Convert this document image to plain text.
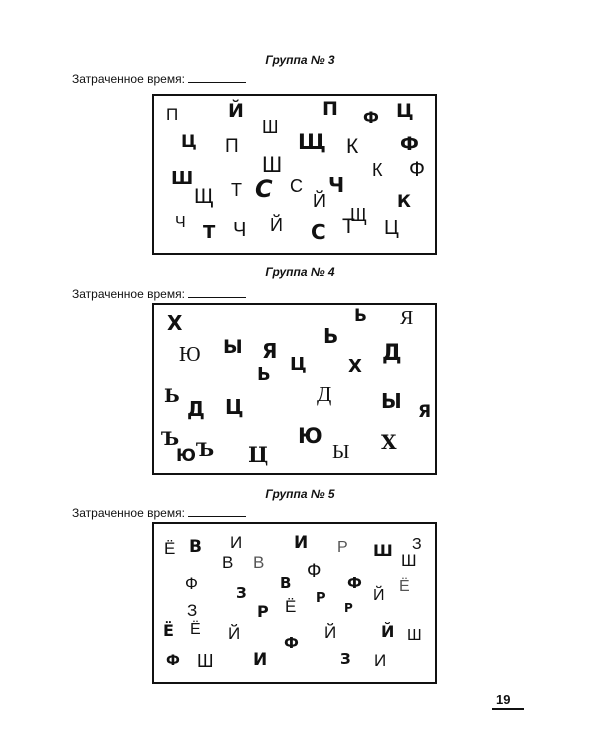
Группа № 3
Затраченное время:
П	Й	П Ф Ц
Ш
Ц П	Щ К Ф
Ш	К Ф
Ш
Щ Т С С Ч
Й	К
Щ
Ч Т Ч Й С Т Ц
Группа № 4
Затраченное время:
Х	Ь Я
Ю Ы Я
Ь
Ц
Ь	Х
Д
Ь
Д Ц
Д Ы Я
Ъ
Ю Ъ Ц
Ю
Ы Х
Группа № 5
Затраченное время:
Ё В И	И Р Ш З
В В	Ш
Ф
Ф	В	Ф Ё
З	Р
Р
Й
Ё
З	Р
Ё Ё Й	Ф
Й	Й Ш
Ф Ш И	З И
19
